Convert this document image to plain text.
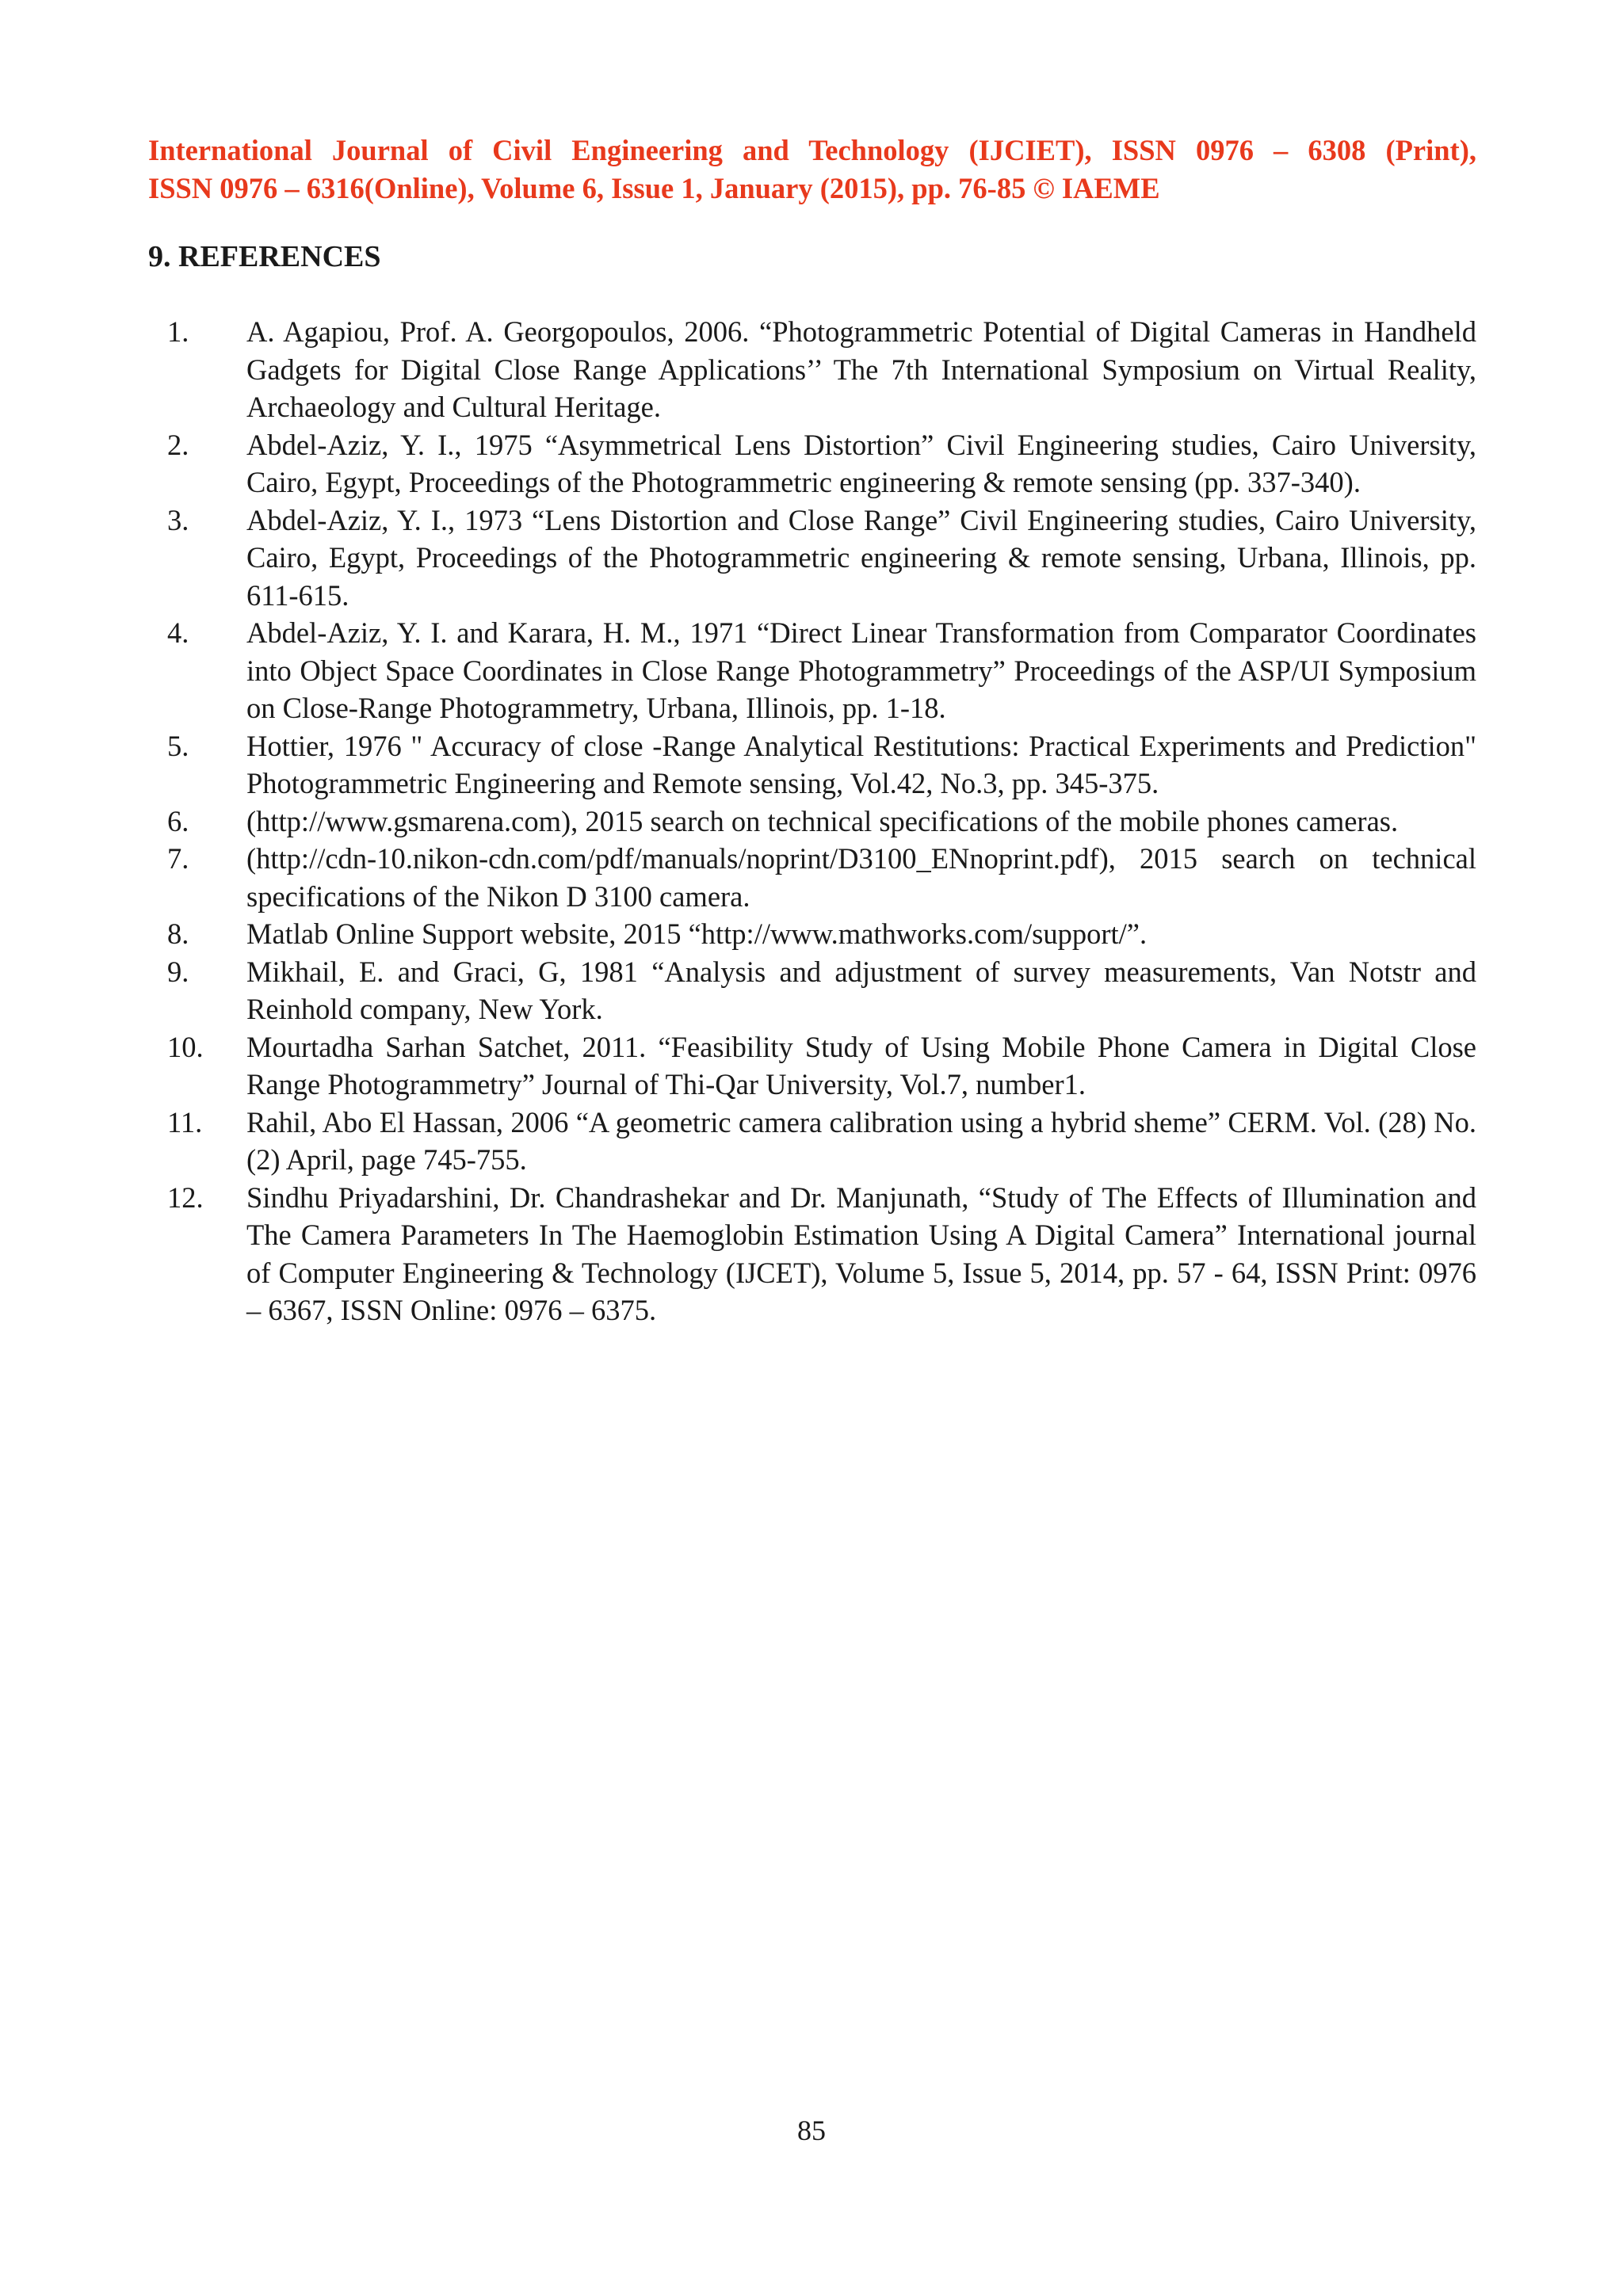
International Journal of Civil Engineering and Technology (IJCIET), ISSN 0976 – 6308 (Print),
ISSN 0976 – 6316(Online), Volume 6, Issue 1, January (2015), pp. 76-85 © IAEME
9. REFERENCES
1. A. Agapiou, Prof. A. Georgopoulos, 2006. “Photogrammetric Potential of Digital Cameras in Handheld Gadgets for Digital Close Range Applications’’ The 7th International Symposium on Virtual Reality, Archaeology and Cultural Heritage.
2. Abdel-Aziz, Y. I., 1975 “Asymmetrical Lens Distortion” Civil Engineering studies, Cairo University, Cairo, Egypt, Proceedings of the Photogrammetric engineering & remote sensing (pp. 337-340).
3. Abdel-Aziz, Y. I., 1973 “Lens Distortion and Close Range” Civil Engineering studies, Cairo University, Cairo, Egypt, Proceedings of the Photogrammetric engineering & remote sensing, Urbana, Illinois, pp. 611-615.
4. Abdel-Aziz, Y. I. and Karara, H. M., 1971 “Direct Linear Transformation from Comparator Coordinates into Object Space Coordinates in Close Range Photogrammetry” Proceedings of the ASP/UI Symposium on Close-Range Photogrammetry, Urbana, Illinois, pp. 1-18.
5. Hottier, 1976 " Accuracy of close -Range Analytical Restitutions: Practical Experiments and Prediction" Photogrammetric Engineering and Remote sensing, Vol.42, No.3, pp. 345-375.
6. (http://www.gsmarena.com), 2015 search on technical specifications of the mobile phones cameras.
7. (http://cdn-10.nikon-cdn.com/pdf/manuals/noprint/D3100_ENnoprint.pdf), 2015 search on technical specifications of the Nikon D 3100 camera.
8. Matlab Online Support website, 2015 “http://www.mathworks.com/support/”.
9. Mikhail, E. and Graci, G, 1981 “Analysis and adjustment of survey measurements, Van Notstr and Reinhold company, New York.
10. Mourtadha Sarhan Satchet, 2011. “Feasibility Study of Using Mobile Phone Camera in Digital Close Range Photogrammetry” Journal of Thi-Qar University, Vol.7, number1.
11. Rahil, Abo El Hassan, 2006 “A geometric camera calibration using a hybrid sheme” CERM. Vol. (28) No. (2) April, page 745-755.
12. Sindhu Priyadarshini, Dr. Chandrashekar and Dr. Manjunath, “Study of The Effects of Illumination and The Camera Parameters In The Haemoglobin Estimation Using A Digital Camera” International journal of Computer Engineering & Technology (IJCET), Volume 5, Issue 5, 2014, pp. 57 - 64, ISSN Print: 0976 – 6367, ISSN Online: 0976 – 6375.
85
